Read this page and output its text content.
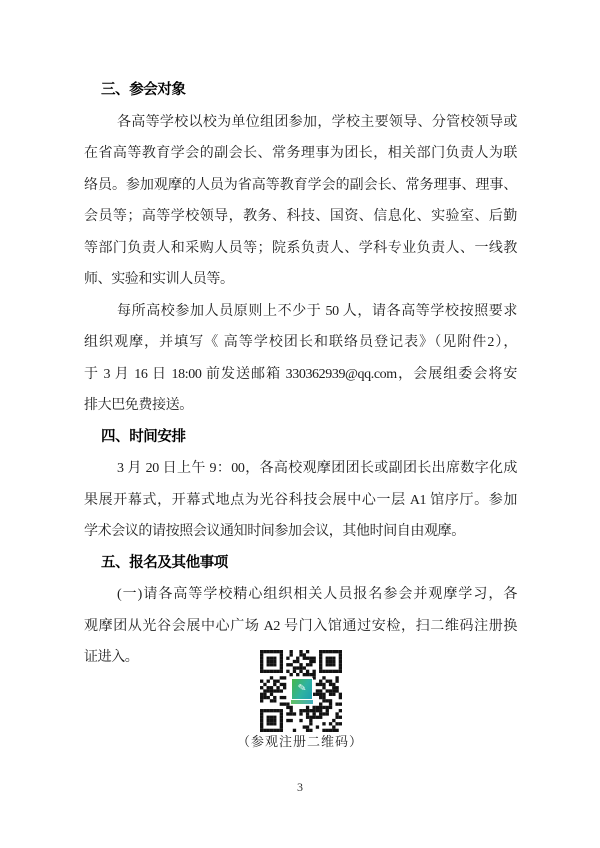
三、参会对象
各高等学校以校为单位组团参加，学校主要领导、分管校领导或
在省高等教育学会的副会长、常务理事为团长，相关部门负责人为联
络员。参加观摩的人员为省高等教育学会的副会长、常务理事、理事、
会员等；高等学校领导，教务、科技、国资、信息化、实验室、后勤
等部门负责人和采购人员等；院系负责人、学科专业负责人、一线教
师、实验和实训人员等。
每所高校参加人员原则上不少于 50 人，请各高等学校按照要求
组织观摩，并填写《 高等学校团长和联络员登记表》（见附件2），
于 3 月 16 日 18:00 前发送邮箱 330362939@qq.com，会展组委会将安
排大巴免费接送。
四、时间安排
3 月 20 日上午 9：00，各高校观摩团团长或副团长出席数字化成
果展开幕式，开幕式地点为光谷科技会展中心一层 A1 馆序厅。参加
学术会议的请按照会议通知时间参加会议，其他时间自由观摩。
五、报名及其他事项
(一)请各高等学校精心组织相关人员报名参会并观摩学习，各
观摩团从光谷会展中心广场 A2 号门入馆通过安检，扫二维码注册换
证进入。
✎
（参观注册二维码）
3
